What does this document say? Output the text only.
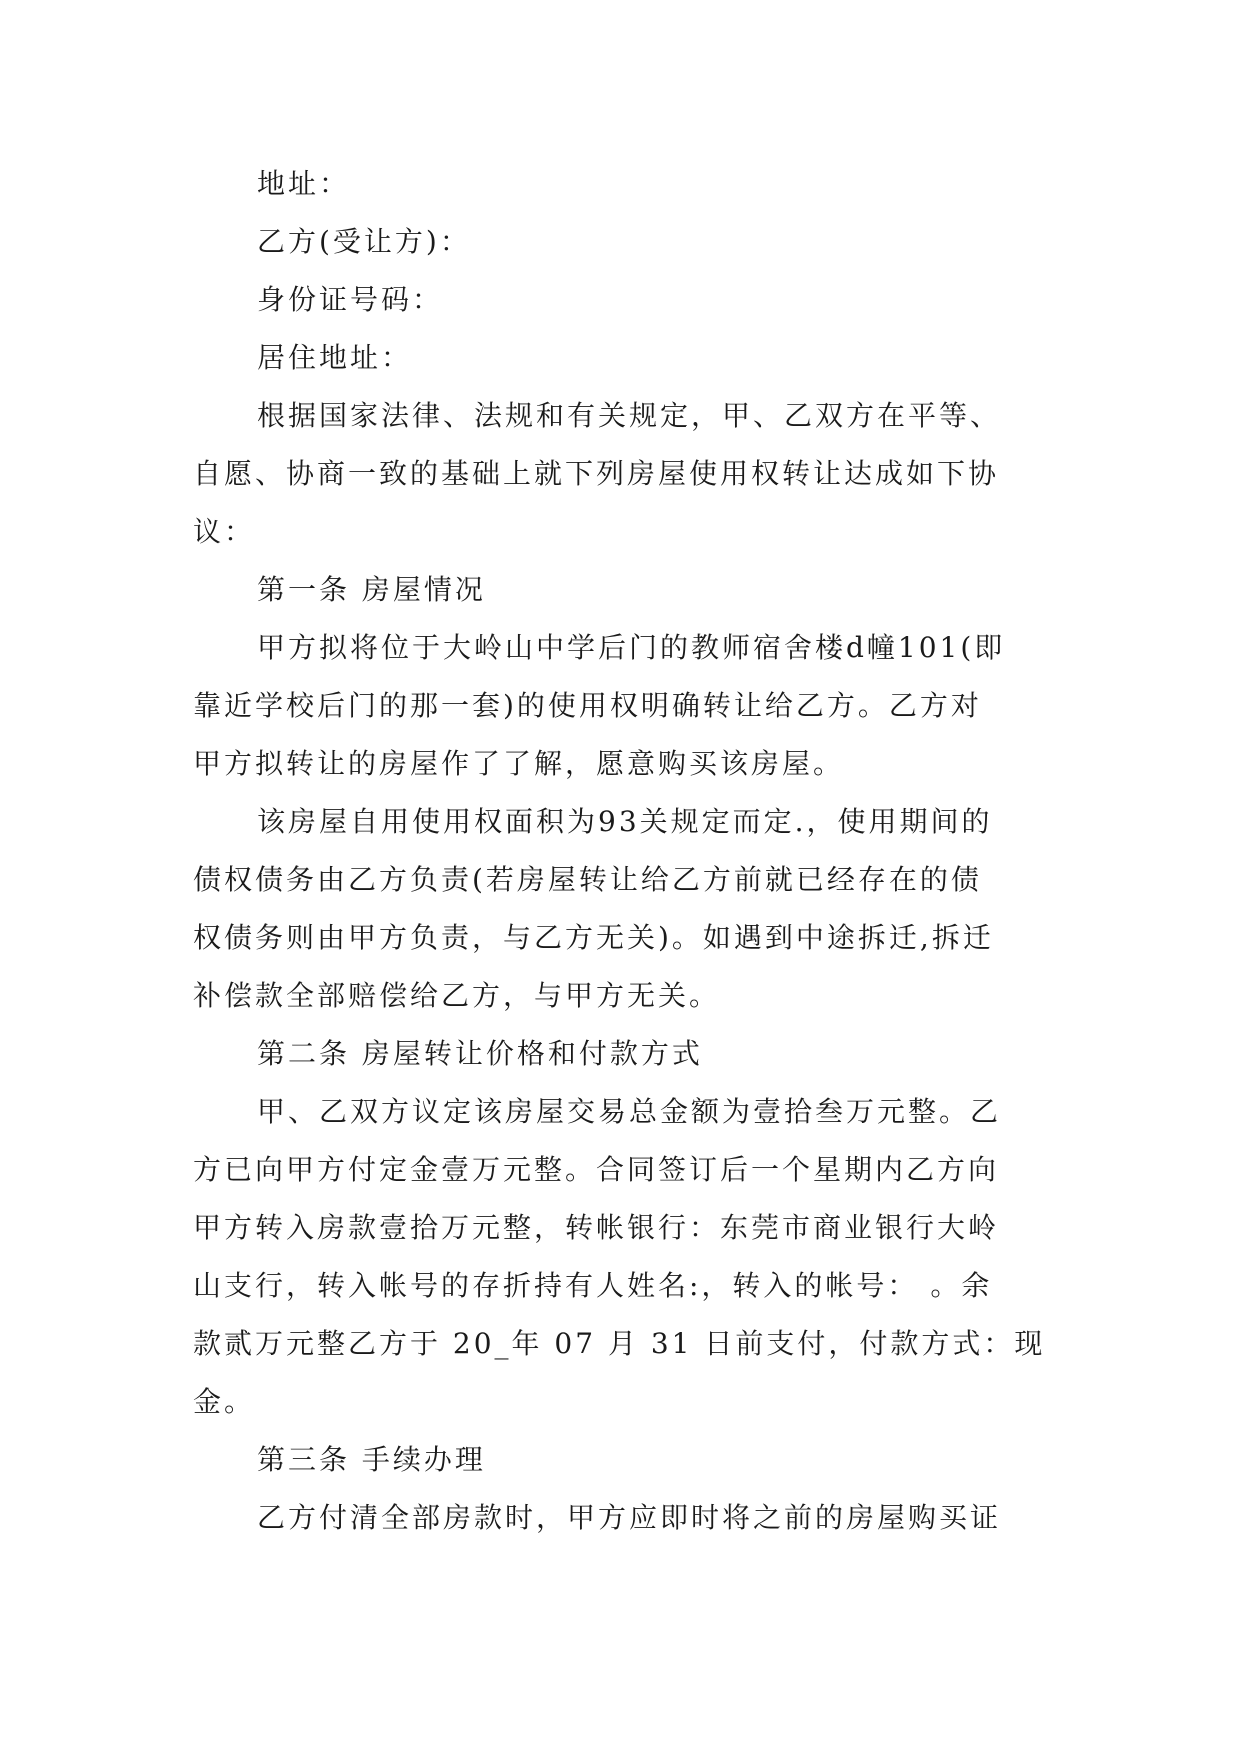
地址：
乙方(受让方)：
身份证号码：
居住地址：
根据国家法律、法规和有关规定，甲、乙双方在平等、
自愿、协商一致的基础上就下列房屋使用权转让达成如下协
议：
第一条 房屋情况
甲方拟将位于大岭山中学后门的教师宿舍楼d幢101(即
靠近学校后门的那一套)的使用权明确转让给乙方。乙方对
甲方拟转让的房屋作了了解，愿意购买该房屋。
该房屋自用使用权面积为93关规定而定.，使用期间的
债权债务由乙方负责(若房屋转让给乙方前就已经存在的债
权债务则由甲方负责，与乙方无关)。如遇到中途拆迁,拆迁
补偿款全部赔偿给乙方，与甲方无关。
第二条 房屋转让价格和付款方式
甲、乙双方议定该房屋交易总金额为壹拾叁万元整。乙
方已向甲方付定金壹万元整。合同签订后一个星期内乙方向
甲方转入房款壹拾万元整，转帐银行：东莞市商业银行大岭
山支行，转入帐号的存折持有人姓名:，转入的帐号： 。余
款贰万元整乙方于 20_年 07 月 31 日前支付，付款方式：现
金。
第三条 手续办理
乙方付清全部房款时，甲方应即时将之前的房屋购买证
